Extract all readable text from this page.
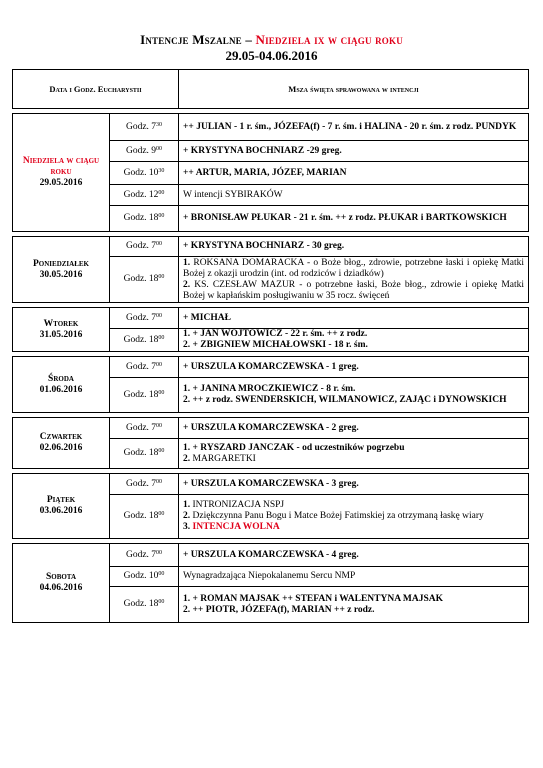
Intencje Mszalne – Niedziela ix w ciągu roku
29.05-04.06.2016
Data i Godz. Eucharystii		Msza święta sprawowana w intencji

Niedziela w ciągu roku
29.05.2016	Godz. $7^{30}$	++ JULIAN - 1 r. śm., JÓZEFA(f) - 7 r. śm. i HALINA - 20 r. śm. z rodz. PUNDYK

	Godz. $9^{00}$	+ KRYSTYNA BOCHNIARZ -29 greg.

	Godz. $10^{30}$	++ ARTUR, MARIA, JÓZEF, MARIAN

	Godz. $12^{00}$	W intencji SYBIRAKÓW

	Godz. $18^{00}$	+ BRONISŁAW PŁUKAR - 21 r. śm. ++ z rodz. PŁUKAR i BARTKOWSKICH

Poniedziałek
30.05.2016	Godz. $7^{00}$	+ KRYSTYNA BOCHNIARZ - 30 greg.

	Godz. $18^{00}$	1. ROKSANA DOMARACKA - o Boże błog., zdrowie, potrzebne łaski i opiekę Matki Bożej z okazji urodzin (int. od rodziców i dziadków)
2. KS. CZESŁAW MAZUR - o potrzebne łaski, Boże błog., zdrowie i opiekę Matki Bożej w kapłańskim posługiwaniu w 35 rocz. święceń

Wtorek
31.05.2016	Godz. $7^{00}$	+ MICHAŁ

	Godz. $18^{00}$	1. + JAN WOJTOWICZ - 22 r. śm. ++ z rodz.
2. + ZBIGNIEW MICHAŁOWSKI - 18 r. śm.

Środa
01.06.2016	Godz. $7^{00}$	+ URSZULA KOMARCZEWSKA - 1 greg.

	Godz. $18^{00}$	1. + JANINA MROCZKIEWICZ - 8 r. śm.
2. ++ z rodz. SWENDERSKICH, WILMANOWICZ, ZAJĄC i DYNOWSKICH

Czwartek
02.06.2016	Godz. $7^{00}$	+ URSZULA KOMARCZEWSKA - 2 greg.

	Godz. $18^{00}$	1. + RYSZARD JANCZAK - od uczestników pogrzebu
2. MARGARETKI

Piątek
03.06.2016	Godz. $7^{00}$	+ URSZULA KOMARCZEWSKA - 3 greg.

	Godz. $18^{00}$	1. INTRONIZACJA NSPJ
2. Dziękczynna Panu Bogu i Matce Bożej Fatimskiej za otrzymaną łaskę wiary
3. INTENCJA WOLNA

Sobota
04.06.2016	Godz. $7^{00}$	+ URSZULA KOMARCZEWSKA - 4 greg.

	Godz. $10^{00}$	Wynagradzająca Niepokalanemu Sercu NMP

	Godz. $18^{00}$	1. + ROMAN MAJSAK ++ STEFAN i WALENTYNA MAJSAK
2. ++ PIOTR, JÓZEFA(f), MARIAN ++ z rodz.
